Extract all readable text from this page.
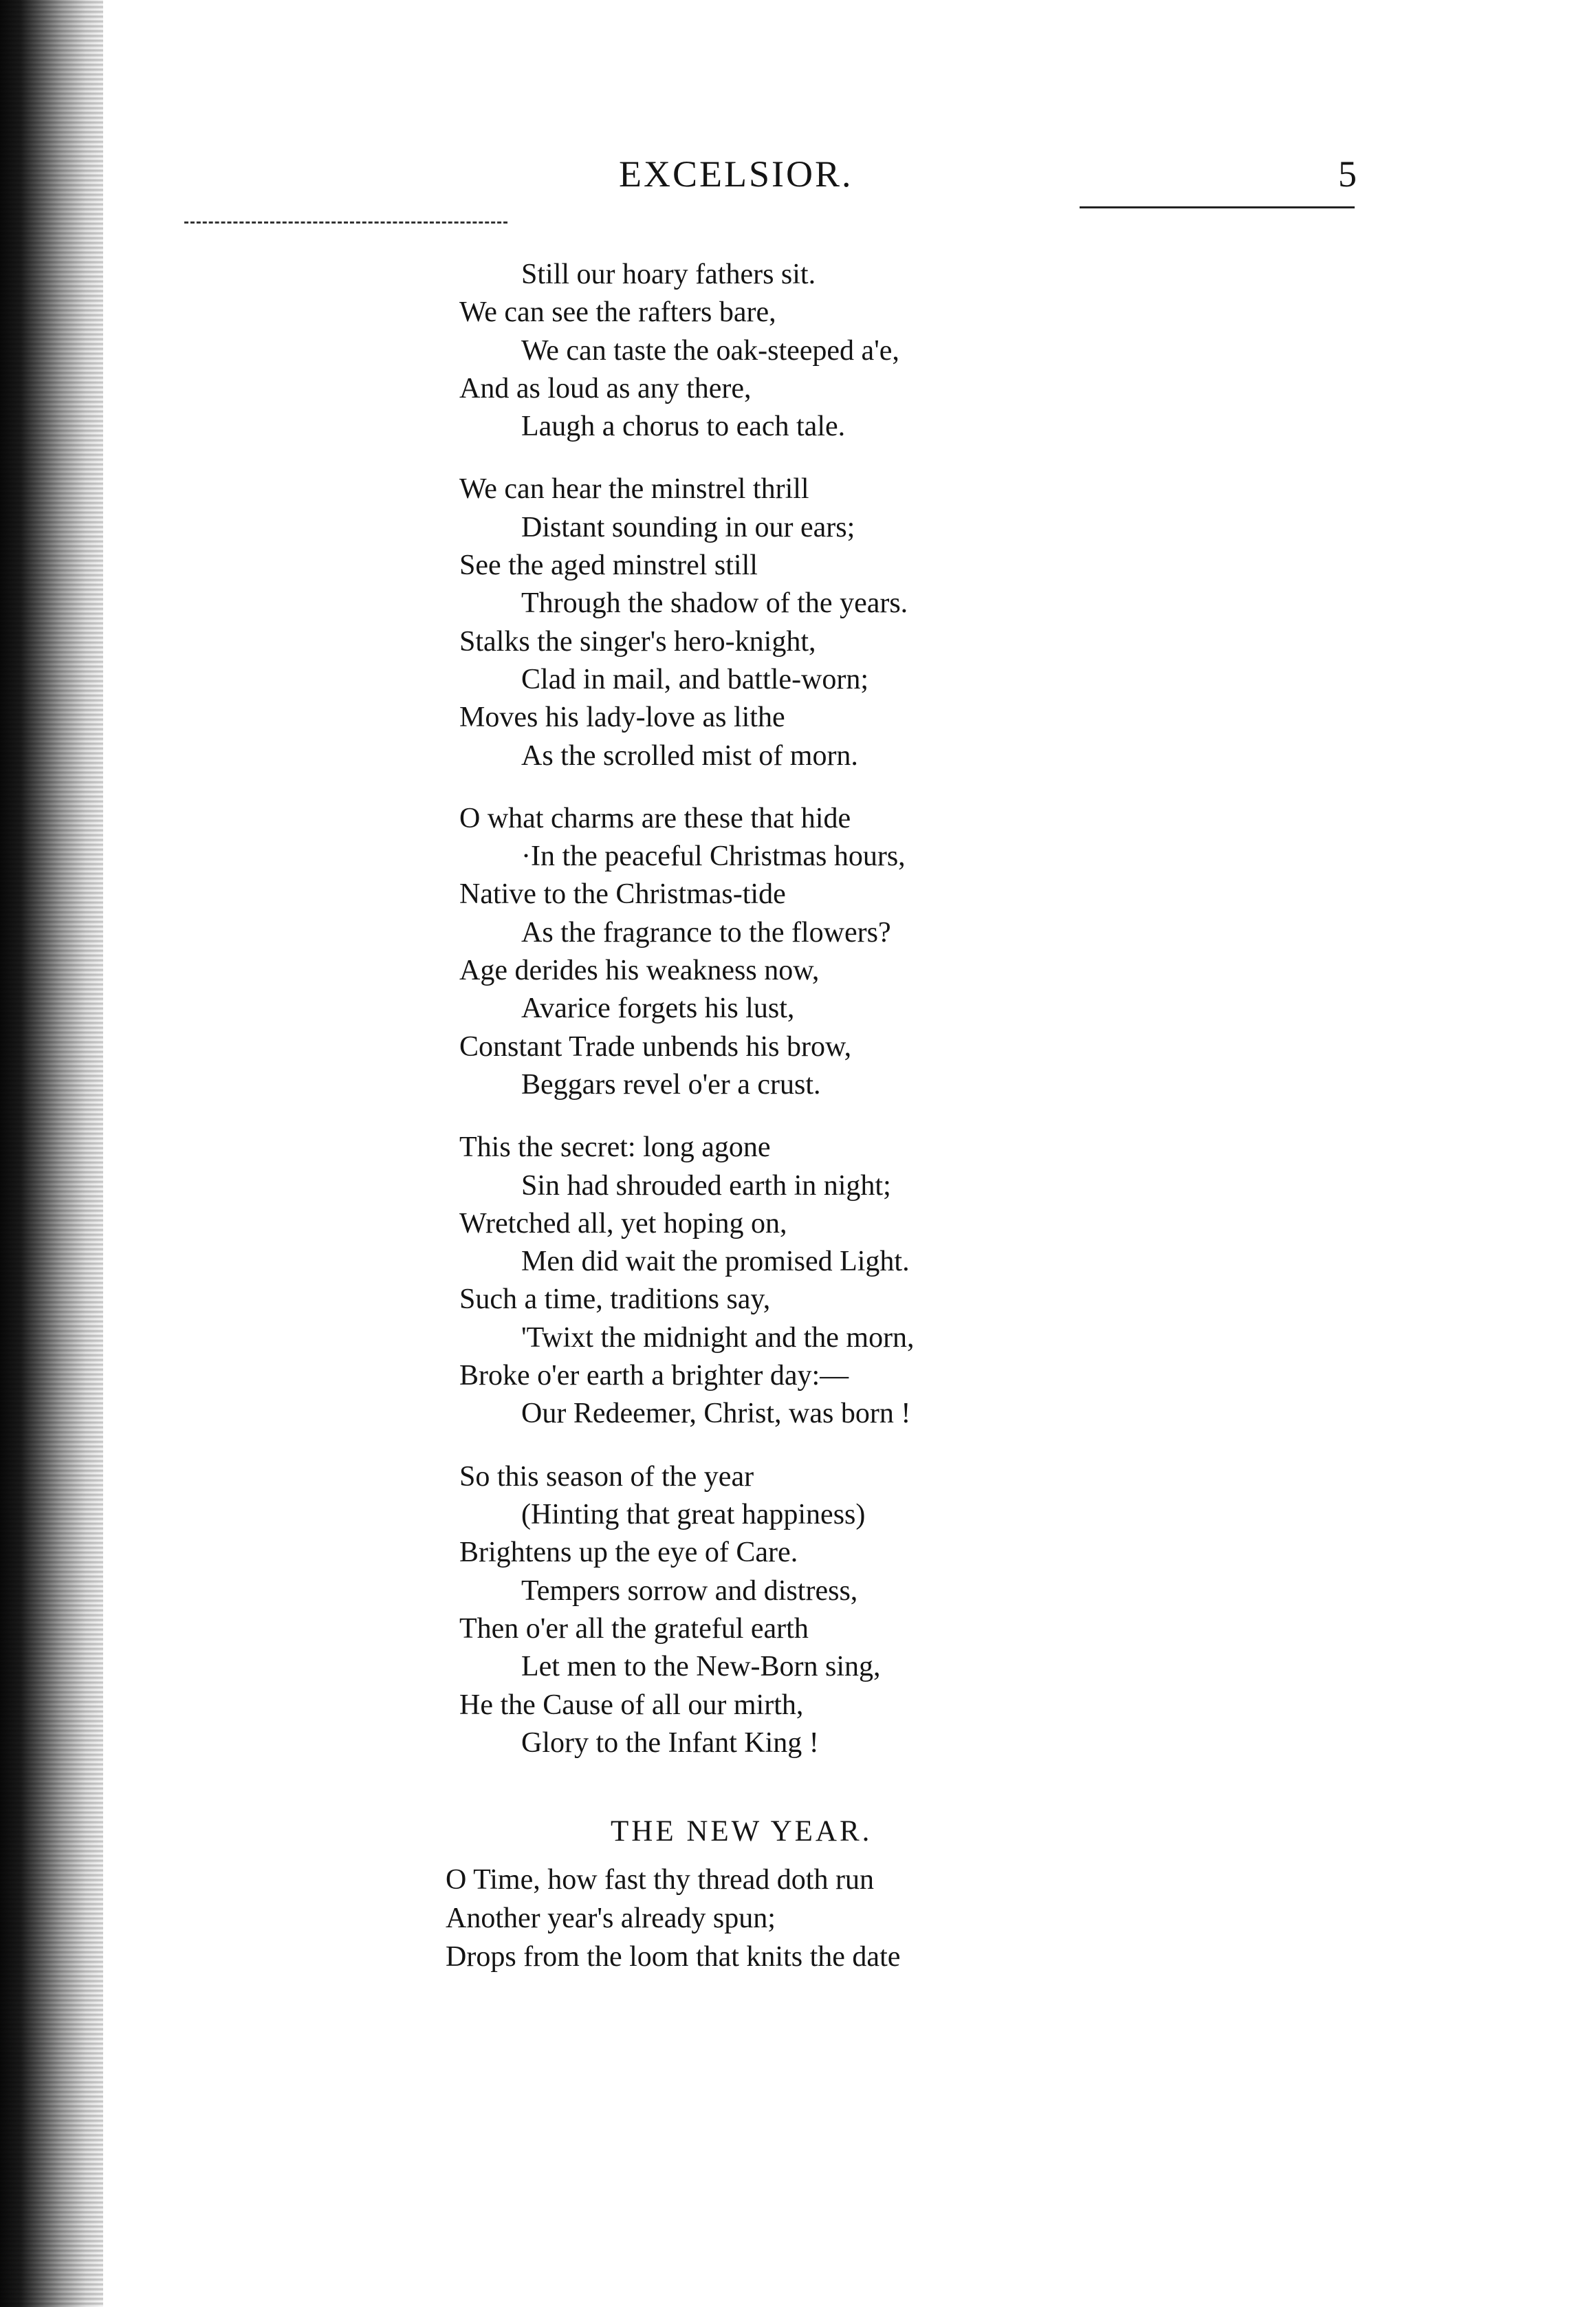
EXCELSIOR.	5
Still our hoary fathers sit.
We can see the rafters bare,
We can taste the oak-steeped a'e,
And as loud as any there,
Laugh a chorus to each tale.
We can hear the minstrel thrill
Distant sounding in our ears;
See the aged minstrel still
Through the shadow of the years.
Stalks the singer's hero-knight,
Clad in mail, and battle-worn;
Moves his lady-love as lithe
As the scrolled mist of morn.
O what charms are these that hide
·In the peaceful Christmas hours,
Native to the Christmas-tide
As the fragrance to the flowers?
Age derides his weakness now,
Avarice forgets his lust,
Constant Trade unbends his brow,
Beggars revel o'er a crust.
This the secret: long agone
Sin had shrouded earth in night;
Wretched all, yet hoping on,
Men did wait the promised Light.
Such a time, traditions say,
'Twixt the midnight and the morn,
Broke o'er earth a brighter day:—
Our Redeemer, Christ, was born !
So this season of the year
(Hinting that great happiness)
Brightens up the eye of Care.
Tempers sorrow and distress,
Then o'er all the grateful earth
Let men to the New-Born sing,
He the Cause of all our mirth,
Glory to the Infant King !
THE NEW YEAR.
O Time, how fast thy thread doth run
Another year's already spun;
Drops from the loom that knits the date
